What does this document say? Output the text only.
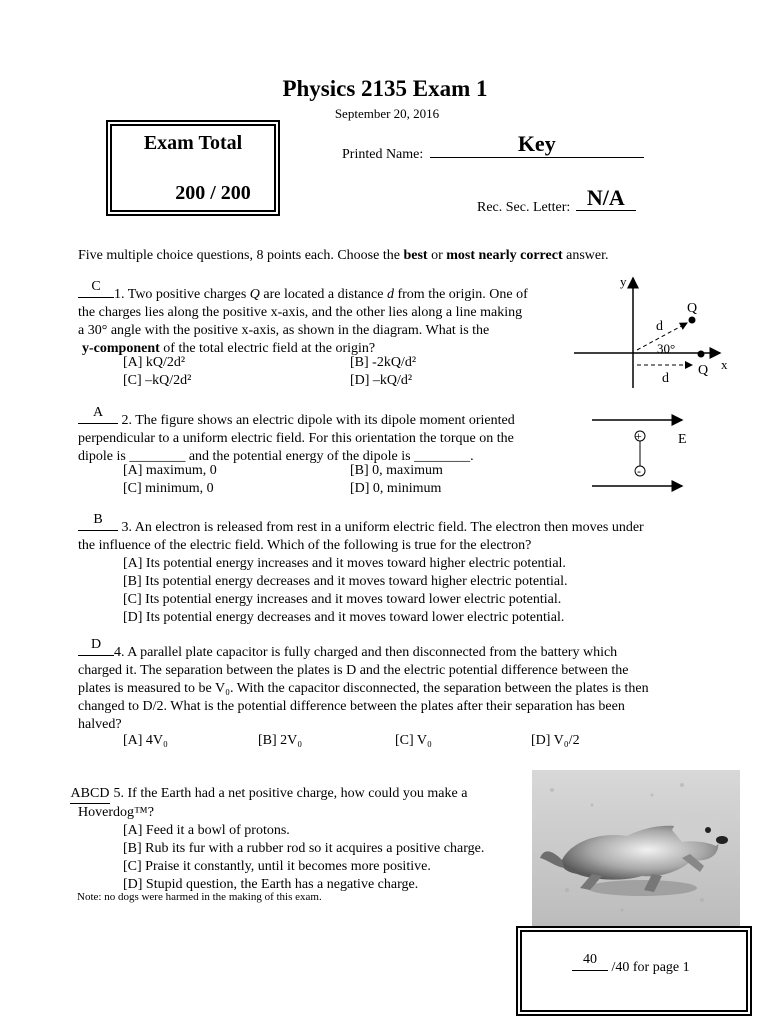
Physics 2135 Exam 1
September 20, 2016
Exam Total
200 / 200
Printed Name:	Key
Rec. Sec. Letter: N/A
Five multiple choice questions, 8 points each. Choose the best or most nearly correct answer.
C
1. Two positive charges Q are located a distance d from the origin. One of
the charges lies along the positive x-axis, and the other lies along a line making
a 30° angle with the positive x-axis, as shown in the diagram. What is the
y-component of the total electric field at the origin?
[A] kQ/2d²	[B] -2kQ/d²
[C] –kQ/2d²	[D] –kQ/d²
y
x
Q
d
30°
Q
d
A
2. The figure shows an electric dipole with its dipole moment oriented
perpendicular to a uniform electric field. For this orientation the torque on the
dipole is ________ and the potential energy of the dipole is ________.
[A] maximum, 0	[B] 0, maximum
[C] minimum, 0	[D] 0, minimum
+
-
E
B
3. An electron is released from rest in a uniform electric field. The electron then moves under
the influence of the electric field. Which of the following is true for the electron?
[A] Its potential energy increases and it moves toward higher electric potential.
[B] Its potential energy decreases and it moves toward higher electric potential.
[C] Its potential energy increases and it moves toward lower electric potential.
[D] Its potential energy decreases and it moves toward lower electric potential.
D
4. A parallel plate capacitor is fully charged and then disconnected from the battery which
charged it. The separation between the plates is D and the electric potential difference between the
plates is measured to be V₀. With the capacitor disconnected, the separation between the plates is then
changed to D/2. What is the potential difference between the plates after their separation has been
halved?
[A] 4V₀	[B] 2V₀	[C] V₀	[D] V₀/2
ABCD 5. If the Earth had a net positive charge, how could you make a
Hoverdog™?
[A] Feed it a bowl of protons.
[B] Rub its fur with a rubber rod so it acquires a positive charge.
[C] Praise it constantly, until it becomes more positive.
[D] Stupid question, the Earth has a negative charge.
Note: no dogs were harmed in the making of this exam.
40
/40 for page 1
